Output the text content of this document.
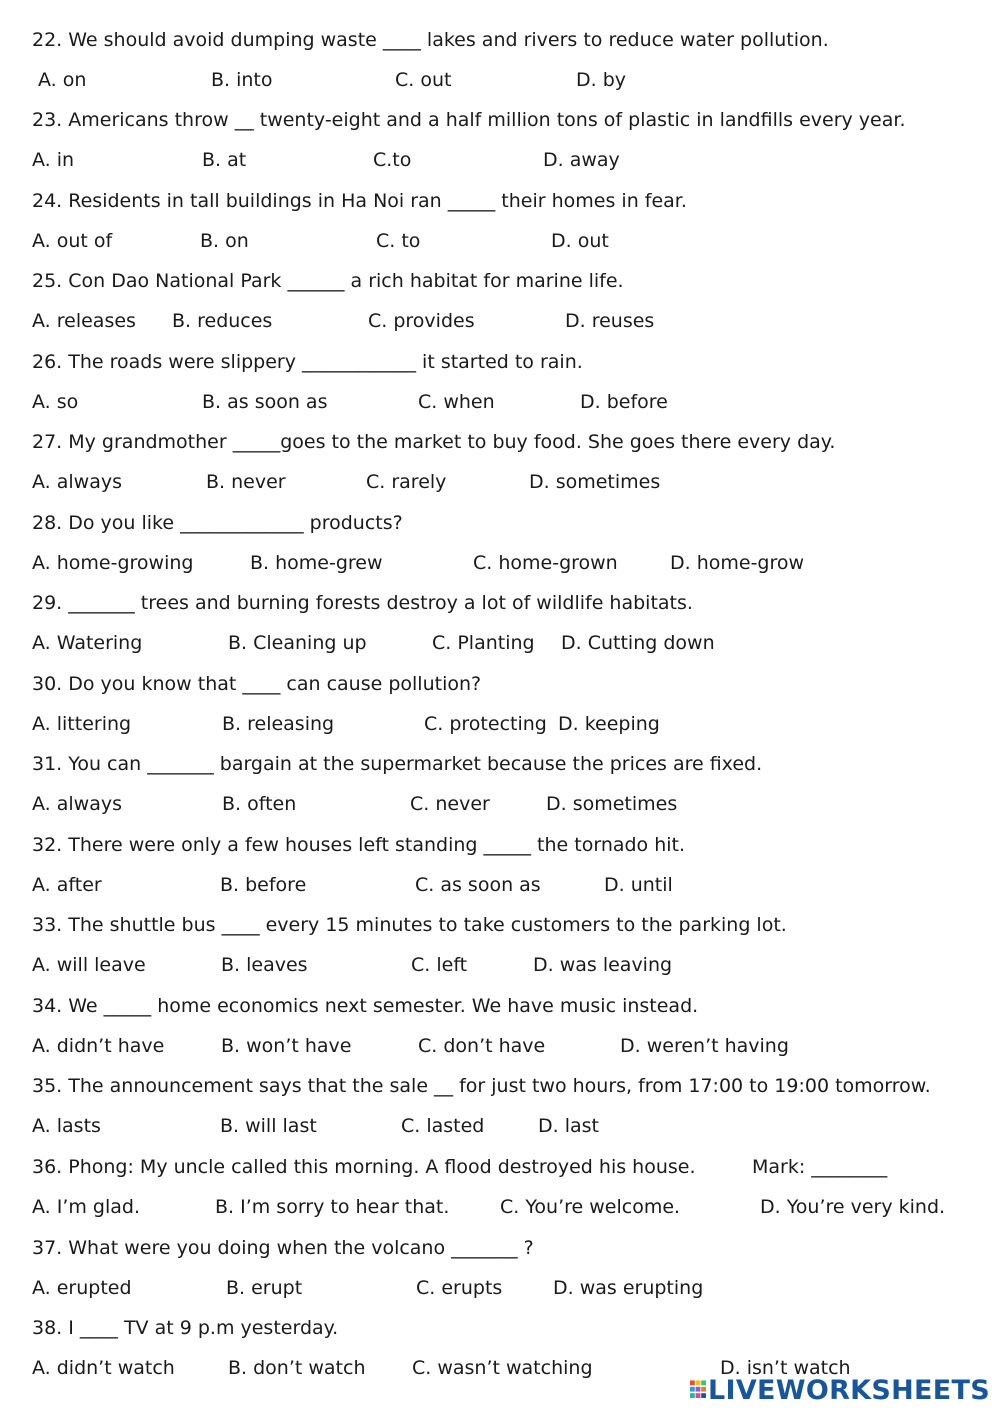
22. We should avoid dumping waste ____ lakes and rivers to reduce water pollution.
A. on	B. into	C. out	D. by
23. Americans throw __ twenty-eight and a half million tons of plastic in landfills every year.
A. in	B. at	C.to	D. away
24. Residents in tall buildings in Ha Noi ran _____ their homes in fear.
A. out of	B. on	C. to	D. out
25. Con Dao National Park ______ a rich habitat for marine life.
A. releases B. reduces	C. provides	D. reuses
26. The roads were slippery ____________ it started to rain.
A. so	B. as soon as	C. when	D. before
27. My grandmother _____goes to the market to buy food. She goes there every day.
A. always	B. never	C. rarely	D. sometimes
28. Do you like _____________ products?
A. home-growing	B. home-grew	C. home-grown	D. home-grow
29. _______ trees and burning forests destroy a lot of wildlife habitats.
A. Watering	B. Cleaning up	C. Planting D. Cutting down
30. Do you know that ____ can cause pollution?
A. littering	B. releasing	C. protecting D. keeping
31. You can _______ bargain at the supermarket because the prices are fixed.
A. always	B. often	C. never	D. sometimes
32. There were only a few houses left standing _____ the tornado hit.
A. after	B. before	C. as soon as	D. until
33. The shuttle bus ____ every 15 minutes to take customers to the parking lot.
A. will leave	B. leaves	C. left	D. was leaving
34. We _____ home economics next semester. We have music instead.
A. didn’t have	B. won’t have	C. don’t have	D. weren’t having
35. The announcement says that the sale __ for just two hours, from 17:00 to 19:00 tomorrow.
A. lasts	B. will last	C. lasted	D. last
36. Phong: My uncle called this morning. A flood destroyed his house.	Mark: ________
A. I’m glad.	B. I’m sorry to hear that.	C. You’re welcome.	D. You’re very kind.
37. What were you doing when the volcano _______ ?
A. erupted	B. erupt	C. erupts	D. was erupting
38. I ____ TV at 9 p.m yesterday.
A. didn’t watch	B. don’t watch C. wasn’t watching	D. isn’t watch
LIVEWORKSHEETS
